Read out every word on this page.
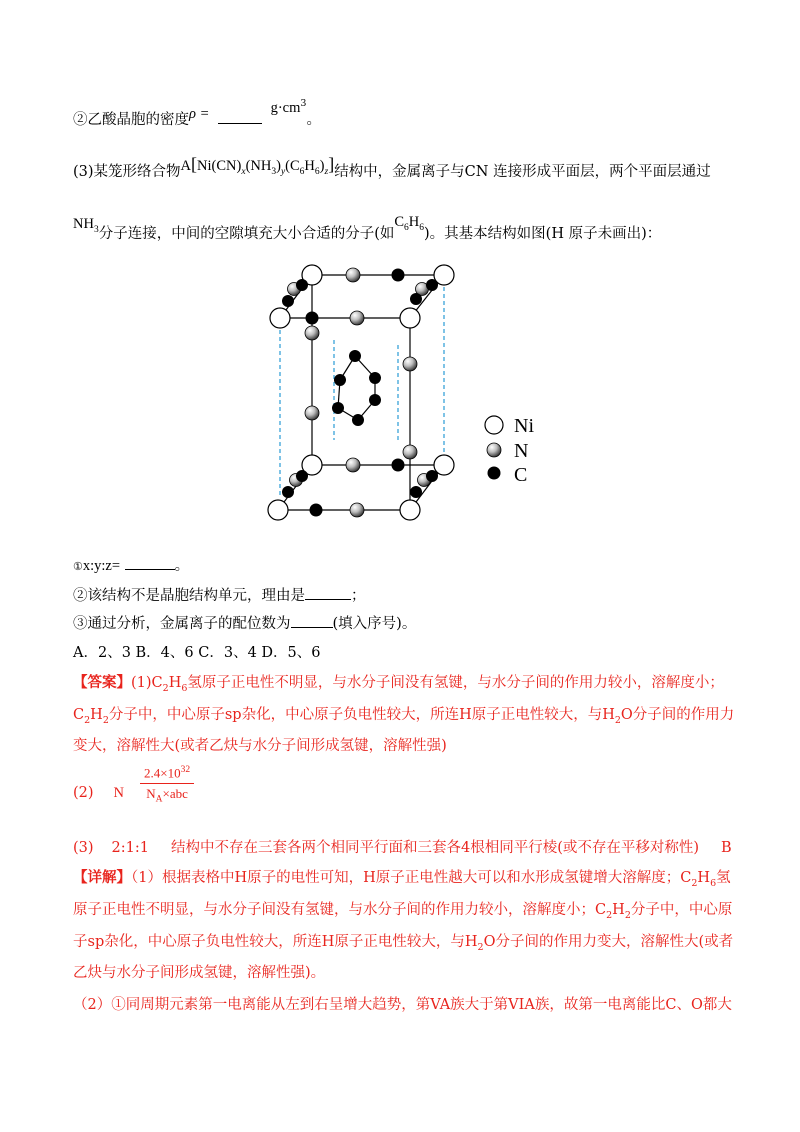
②乙酸晶胞的密度ρ =	$g\cdot cm^3$。
(3)某笼形络合物$A[Ni(CN)_x(NH_3)_y(C_6H_6)_z]$结构中，金属离子与CN 连接形成平面层，两个平面层通过
$NH_3$分子连接，中间的空隙填充大小合适的分子(如$C_6H_6$)。其基本结构如图(H 原子未画出)：
Ni
N
C
①x:y:z=	。
②该结构不是晶胞结构单元，理由是	；
③通过分析，金属离子的配位数为	(填入序号)。
A．2、3 B．4、6 C．3、4 D．5、6
【答案】$(1)C_2H_6$氢原子正电性不明显，与水分子间没有氢键，与水分子间的作用力较小，溶解度小；
$C_2H_2$分子中，中心原子sp杂化，中心原子负电性较大，所连H原子正电性较大，与$H_2O$分子间的作用力
变大，溶解性大(或者乙炔与水分子间形成氢键，溶解性强)
(2) N
$2.4\times 10^{32}$
$N_A\times abc$
(3) 2:1:1 结构中不存在三套各两个相同平行面和三套各4根相同平行棱(或不存在平移对称性) B
【详解】（1）根据表格中H原子的电性可知，H原子正电性越大可以和水形成氢键增大溶解度；$C_2H_6$氢
原子正电性不明显，与水分子间没有氢键，与水分子间的作用力较小，溶解度小；$C_2H_2$分子中，中心原
子sp杂化，中心原子负电性较大，所连H原子正电性较大，与$H_2O$分子间的作用力变大，溶解性大(或者
乙炔与水分子间形成氢键，溶解性强)。
（2）①同周期元素第一电离能从左到右呈增大趋势，第VA族大于第VIA族，故第一电离能比C、O都大
